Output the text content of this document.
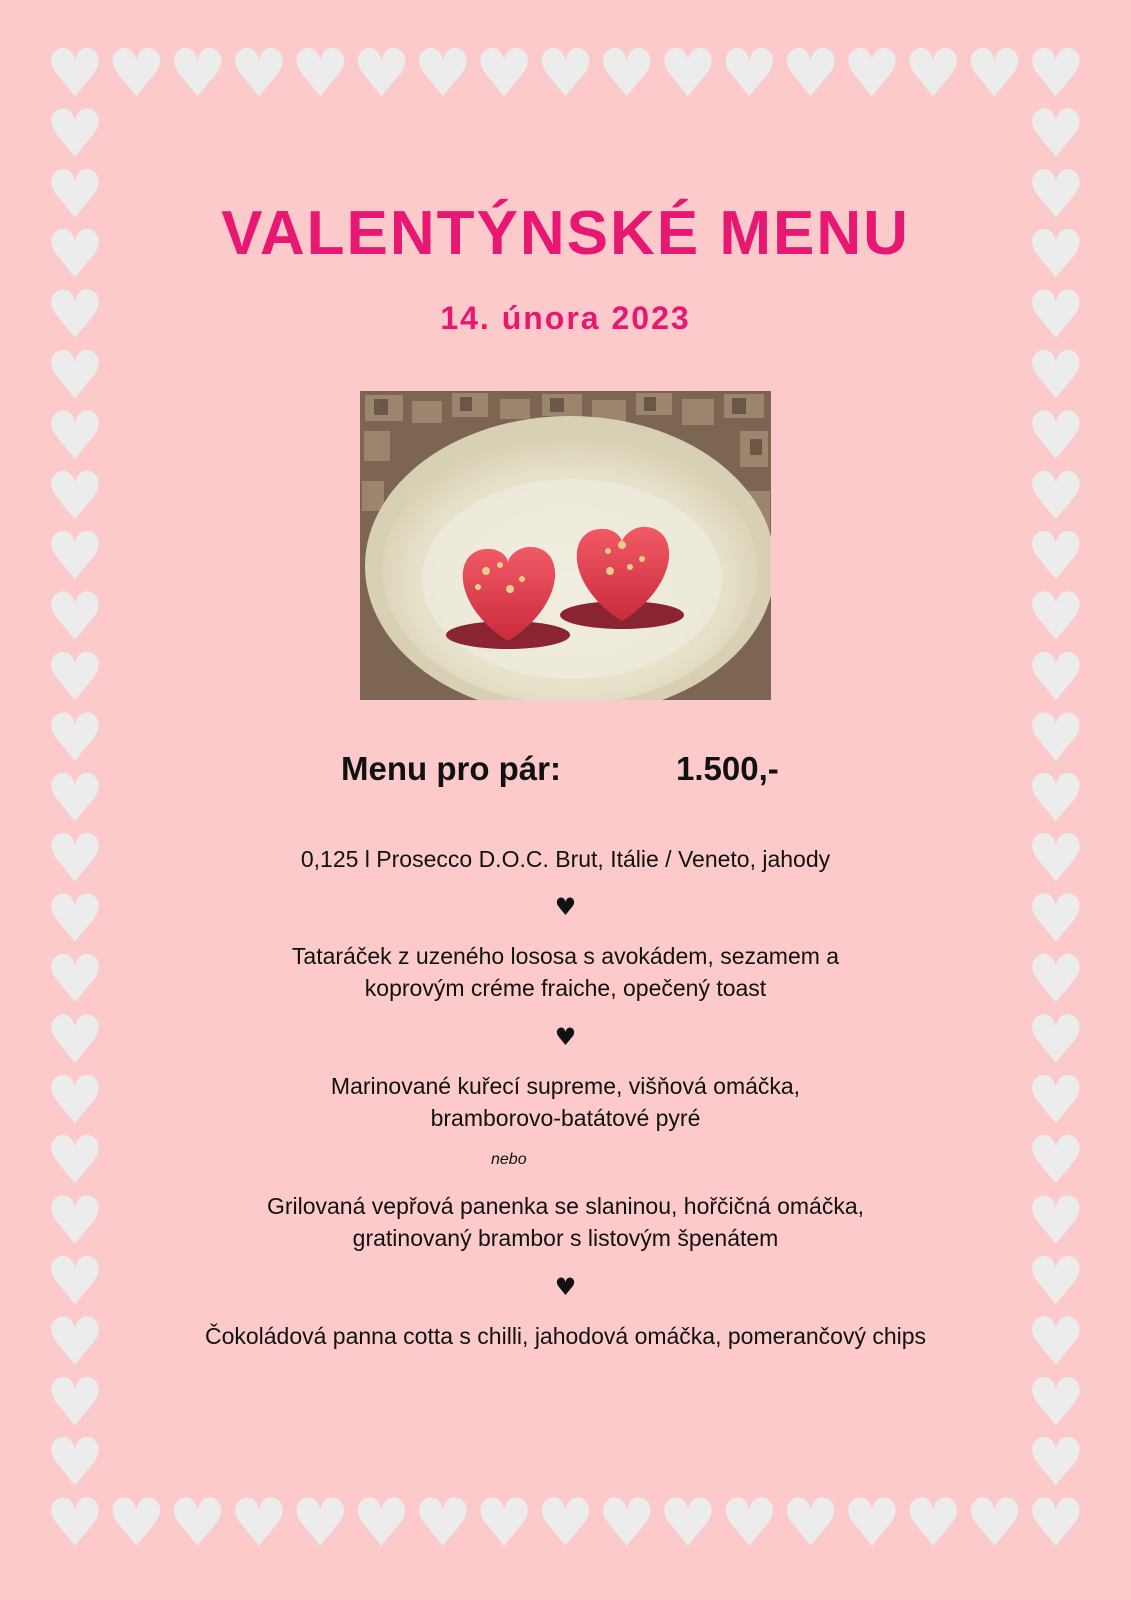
♥
♥
♥
♥
♥
♥
♥
♥
♥
♥
♥
♥
♥
♥
♥
♥
♥
♥
♥
♥
♥
♥
♥
♥
♥
♥
♥
♥
♥
♥
♥
♥
♥
♥
♥	♥
♥	♥
♥	♥
♥	♥
♥	♥
♥	♥
♥	♥
♥	♥
♥	♥
♥	♥
♥	♥
♥	♥
♥	♥
♥	♥
♥	♥
♥	♥
♥	♥
♥	♥
♥	♥
♥	♥
♥	♥
♥	♥
♥	♥
VALENTÝNSKÉ MENU
14. února 2023
Menu pro pár:	1.500,-
0,125 l Prosecco D.O.C. Brut, Itálie / Veneto, jahody
♥
Tataráček z uzeného lososa s avokádem, sezamem a
koprovým créme fraiche, opečený toast
♥
Marinované kuřecí supreme, višňová omáčka,
bramborovo-batátové pyré
nebo
Grilovaná vepřová panenka se slaninou, hořčičná omáčka,
gratinovaný brambor s listovým špenátem
♥
Čokoládová panna cotta s chilli, jahodová omáčka, pomerančový chips
